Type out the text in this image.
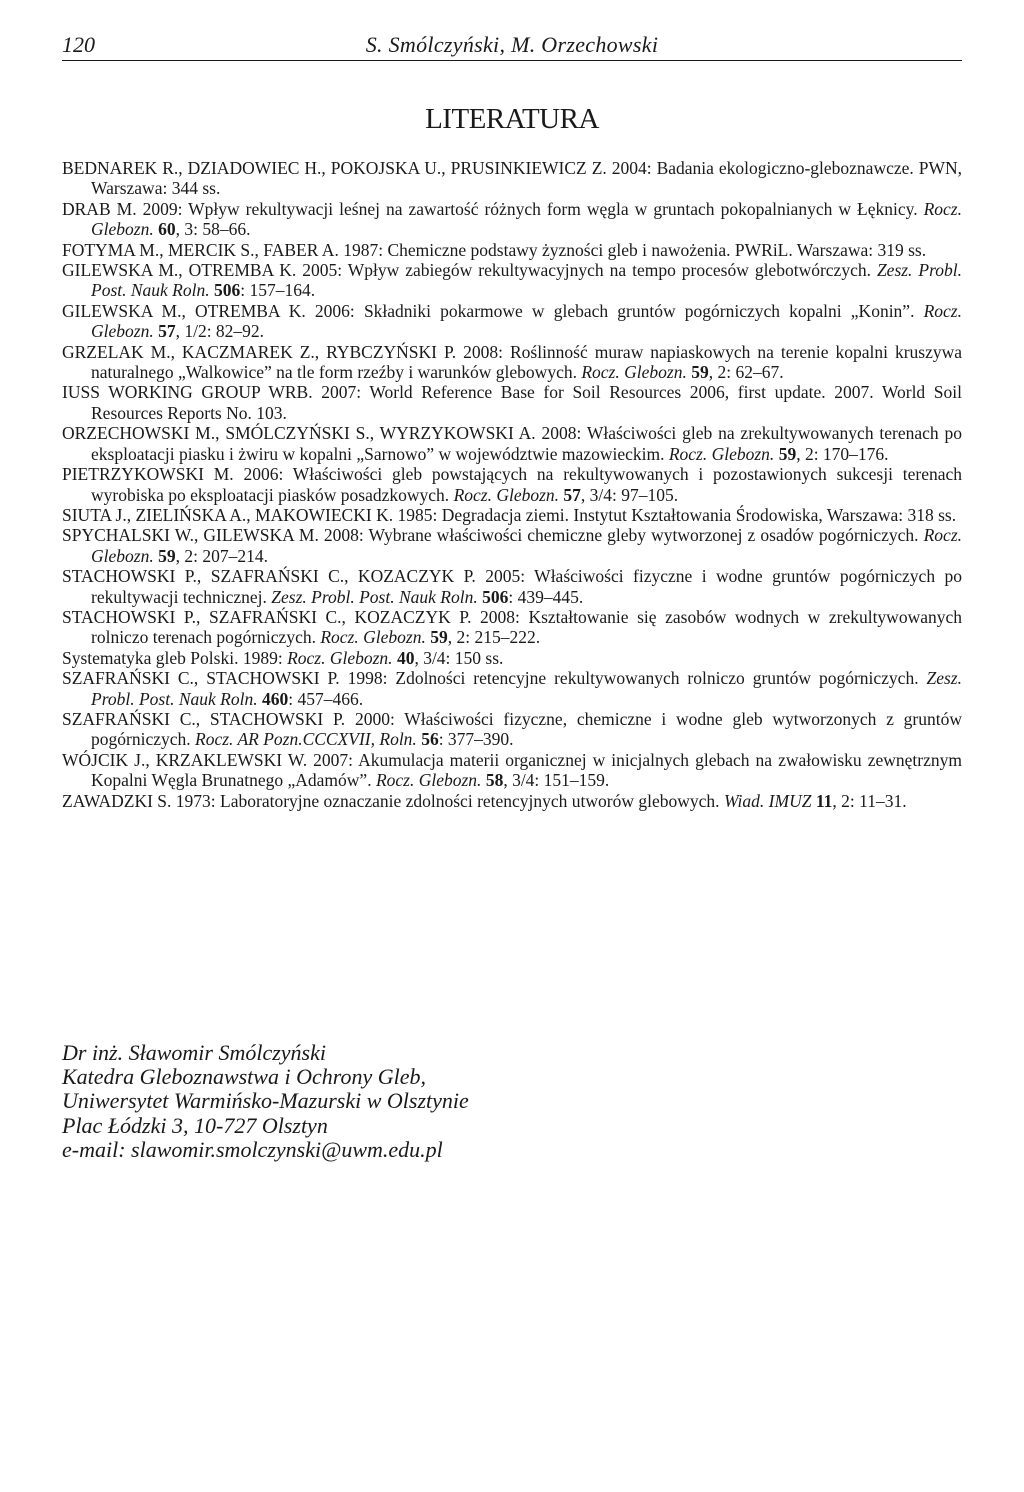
120	S. Smólczyński, M. Orzechowski
LITERATURA

BEDNAREK R., DZIADOWIEC H., POKOJSKA U., PRUSINKIEWICZ Z. 2004: Badania ekologiczno-gleboznawcze. PWN, Warszawa: 344 ss.

DRAB M. 2009: Wpływ rekultywacji leśnej na zawartość różnych form węgla w gruntach pokopalnianych w Łęknicy. Rocz. Glebozn. 60, 3: 58–66.

FOTYMA M., MERCIK S., FABER A. 1987: Chemiczne podstawy żyzności gleb i nawożenia. PWRiL. Warszawa: 319 ss.

GILEWSKA M., OTREMBA K. 2005: Wpływ zabiegów rekultywacyjnych na tempo procesów glebotwórczych. Zesz. Probl. Post. Nauk Roln. 506: 157–164.

GILEWSKA M., OTREMBA K. 2006: Składniki pokarmowe w glebach gruntów pogórniczych kopalni „Konin”. Rocz. Glebozn. 57, 1/2: 82–92.

GRZELAK M., KACZMAREK Z., RYBCZYŃSKI P. 2008: Roślinność muraw napiaskowych na terenie kopalni kruszywa naturalnego „Walkowice” na tle form rzeźby i warunków glebowych. Rocz. Glebozn. 59, 2: 62–67.

IUSS WORKING GROUP WRB. 2007: World Reference Base for Soil Resources 2006, first update. 2007. World Soil Resources Reports No. 103.

ORZECHOWSKI M., SMÓLCZYŃSKI S., WYRZYKOWSKI A. 2008: Właściwości gleb na zrekultywowanych terenach po eksploatacji piasku i żwiru w kopalni „Sarnowo” w województwie mazowieckim. Rocz. Glebozn. 59, 2: 170–176.

PIETRZYKOWSKI M. 2006: Właściwości gleb powstających na rekultywowanych i pozostawionych sukcesji terenach wyrobiska po eksploatacji piasków posadzkowych. Rocz. Glebozn. 57, 3/4: 97–105.

SIUTA J., ZIELIŃSKA A., MAKOWIECKI K. 1985: Degradacja ziemi. Instytut Kształtowania Środowiska, Warszawa: 318 ss.

SPYCHALSKI W., GILEWSKA M. 2008: Wybrane właściwości chemiczne gleby wytworzonej z osadów pogórniczych. Rocz. Glebozn. 59, 2: 207–214.

STACHOWSKI P., SZAFRAŃSKI C., KOZACZYK P. 2005: Właściwości fizyczne i wodne gruntów pogórniczych po rekultywacji technicznej. Zesz. Probl. Post. Nauk Roln. 506: 439–445.

STACHOWSKI P., SZAFRAŃSKI C., KOZACZYK P. 2008: Kształtowanie się zasobów wodnych w zrekultywowanych rolniczo terenach pogórniczych. Rocz. Glebozn. 59, 2: 215–222.

Systematyka gleb Polski. 1989: Rocz. Glebozn. 40, 3/4: 150 ss.

SZAFRAŃSKI C., STACHOWSKI P. 1998: Zdolności retencyjne rekultywowanych rolniczo gruntów pogórniczych. Zesz. Probl. Post. Nauk Roln. 460: 457–466.

SZAFRAŃSKI C., STACHOWSKI P. 2000: Właściwości fizyczne, chemiczne i wodne gleb wytworzonych z gruntów pogórniczych. Rocz. AR Pozn.CCCXVII, Roln. 56: 377–390.

WÓJCIK J., KRZAKLEWSKI W. 2007: Akumulacja materii organicznej w inicjalnych glebach na zwałowisku zewnętrznym Kopalni Węgla Brunatnego „Adamów”. Rocz. Glebozn. 58, 3/4: 151–159.

ZAWADZKI S. 1973: Laboratoryjne oznaczanie zdolności retencyjnych utworów glebowych. Wiad. IMUZ 11, 2: 11–31.

Dr inż. Sławomir Smólczyński
Katedra Gleboznawstwa i Ochrony Gleb,
Uniwersytet Warmińsko-Mazurski w Olsztynie
Plac Łódzki 3, 10-727 Olsztyn
e-mail: slawomir.smolczynski@uwm.edu.pl
